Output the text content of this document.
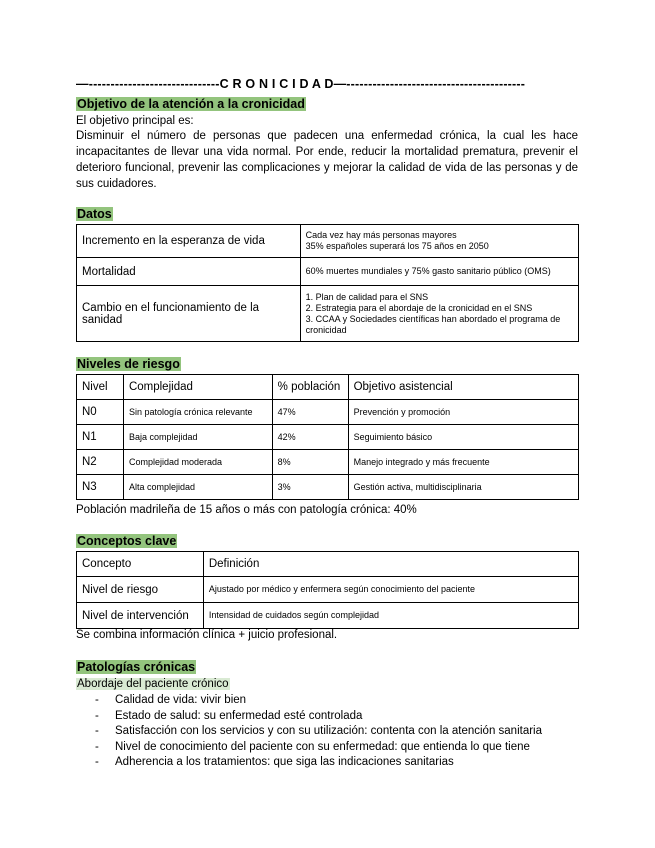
—------------------------------C R O N I C I D A D—-----------------------------------------
Objetivo de la atención a la cronicidad
El objetivo principal es:
Disminuir el número de personas que padecen una enfermedad crónica, la cual les hace incapacitantes de llevar una vida normal. Por ende, reducir la mortalidad prematura, prevenir el deterioro funcional, prevenir las complicaciones y mejorar la calidad de vida de las personas y de sus cuidadores.
Datos
Incremento en la esperanza de vida	Cada vez hay más personas mayores
35% españoles superará los 75 años en 2050

Mortalidad	60% muertes mundiales y 75% gasto sanitario público (OMS)

Cambio en el funcionamiento de la sanidad	1. Plan de calidad para el SNS
2. Estrategia para el abordaje de la cronicidad en el SNS
3. CCAA y Sociedades científicas han abordado el programa de cronicidad
Niveles de riesgo
Nivel	Complejidad	% población	Objetivo asistencial
N0	Sin patología crónica relevante	47%	Prevención y promoción
N1	Baja complejidad	42%	Seguimiento básico
N2	Complejidad moderada	8%	Manejo integrado y más frecuente
N3	Alta complejidad	3%	Gestión activa, multidisciplinaria
Población madrileña de 15 años o más con patología crónica: 40%
Conceptos clave
Concepto	Definición
Nivel de riesgo	Ajustado por médico y enfermera según conocimiento del paciente
Nivel de intervención	Intensidad de cuidados según complejidad
Se combina información clínica + juicio profesional.
Patologías crónicas
Abordaje del paciente crónico
- Calidad de vida: vivir bien
- Estado de salud: su enfermedad esté controlada
- Satisfacción con los servicios y con su utilización: contenta con la atención sanitaria
- Nivel de conocimiento del paciente con su enfermedad: que entienda lo que tiene
- Adherencia a los tratamientos: que siga las indicaciones sanitarias
